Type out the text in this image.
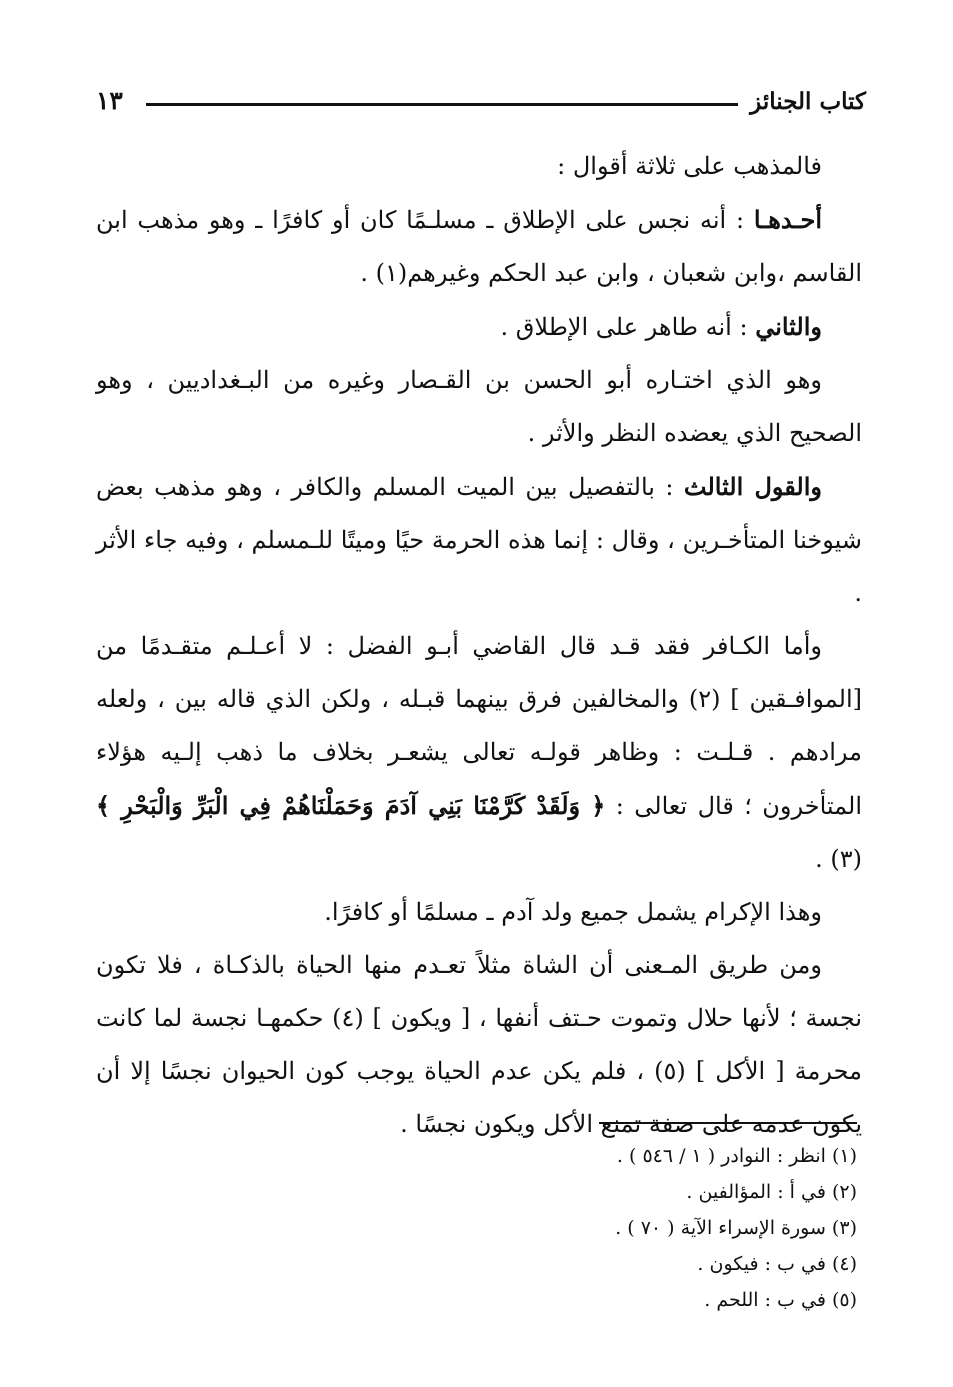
كتاب الجنائز
١٣

فالمذهب على ثلاثة أقوال :

أحـدهـا : أنه نجس على الإطلاق ـ مسلـمًا كان أو كافرًا ـ وهو مذهب ابن القاسم ،وابن شعبان ، وابن عبد الحكم وغيرهم(١) .

والثاني : أنه طاهر على الإطلاق .

وهو الذي اختـاره أبو الحسن بن القـصار وغيره من البـغداديين ، وهو الصحيح الذي يعضده النظر والأثر .

والقول الثالث : بالتفصيل بين الميت المسلم والكافر ، وهو مذهب بعض شيوخنا المتأخـرين ، وقال : إنما هذه الحرمة حيًا وميتًا للـمسلم ، وفيه جاء الأثر .

وأما الكـافر فقد قـد قال القاضي أبـو الفضل : لا أعـلـم متقـدمًا من [الموافـقين ] (٢) والمخالفين فرق بينهما قبـله ، ولكن الذي قاله بين ، ولعله مرادهم . قـلـت : وظاهر قولـه تعالى يشعـر بخلاف ما ذهب إلـيه هؤلاء المتأخرون ؛ قال تعالى : ﴿ وَلَقَدْ كَرَّمْنَا بَنِي آدَمَ وَحَمَلْنَاهُمْ فِي الْبَرِّ وَالْبَحْرِ ﴾ (٣) .

وهذا الإكرام يشمل جميع ولد آدم ـ مسلمًا أو كافرًا.

ومن طريق المـعنى أن الشاة مثلاً تعـدم منها الحياة بالذكـاة ، فلا تكون نجسة ؛ لأنها حلال وتموت حـتف أنفها ، [ ويكون ] (٤) حكمهـا نجسة لما كانت محرمة [ الأكل ] (٥) ، فلم يكن عدم الحياة يوجب كون الحيوان نجسًا إلا أن يكون عدمه على صفة تمنع الأكل ويكون نجسًا .

(١) انظر : النوادر ( ١ / ٥٤٦ ) .

(٢) في أ : المؤالفين .

(٣) سورة الإسراء الآية ( ٧٠ ) .

(٤) في ب : فيكون .

(٥) في ب : اللحم .
